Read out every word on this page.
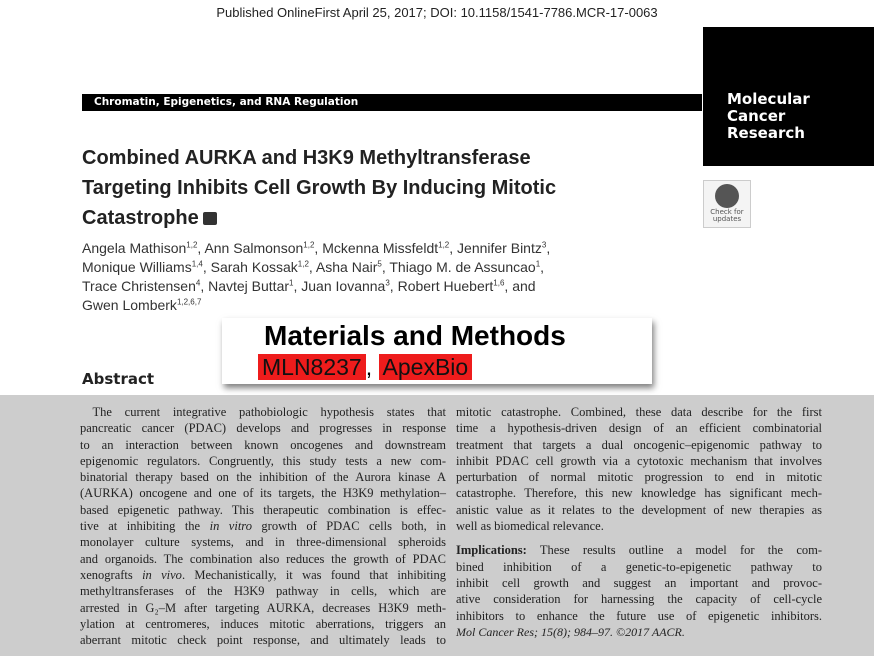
Published OnlineFirst April 25, 2017; DOI: 10.1158/1541-7786.MCR-17-0063
Molecular
Cancer
Research
Chromatin, Epigenetics, and RNA Regulation
Combined AURKA and H3K9 Methyltransferase
Targeting Inhibits Cell Growth By Inducing Mitotic
Catastrophe	Check for
updates
Angela Mathison$^{1,2}$, Ann Salmonson$^{1,2}$, Mckenna Missfeldt$^{1,2}$, Jennifer Bintz$^3$,
Monique Williams$^{1,4}$, Sarah Kossak$^{1,2}$, Asha Nair$^5$, Thiago M. de Assuncao$^1$,
Trace Christensen$^4$, Navtej Buttar$^1$, Juan Iovanna$^3$, Robert Huebert$^{1,6}$, and
Gwen Lomberk$^{1,2,6,7}$
Materials and Methods
MLN8237 , ApexBio
Abstract
 The current integrative pathobiologic hypothesis states that
pancreatic cancer (PDAC) develops and progresses in response
to an interaction between known oncogenes and downstream
epigenomic regulators. Congruently, this study tests a new com-
binatorial therapy based on the inhibition of the Aurora kinase A
(AURKA) oncogene and one of its targets, the H3K9 methylation–
based epigenetic pathway. This therapeutic combination is effec-
tive at inhibiting the in vitro growth of PDAC cells both, in
monolayer culture systems, and in three-dimensional spheroids
and organoids. The combination also reduces the growth of PDAC
xenografts in vivo. Mechanistically, it was found that inhibiting
methyltransferases of the H3K9 pathway in cells, which are
arrested in G₂–M after targeting AURKA, decreases H3K9 meth-
ylation at centromeres, induces mitotic aberrations, triggers an
aberrant mitotic check point response, and ultimately leads to
mitotic catastrophe. Combined, these data describe for the first
time a hypothesis-driven design of an efficient combinatorial
treatment that targets a dual oncogenic–epigenomic pathway to
inhibit PDAC cell growth via a cytotoxic mechanism that involves
perturbation of normal mitotic progression to end in mitotic
catastrophe. Therefore, this new knowledge has significant mech-
anistic value as it relates to the development of new therapies as
well as biomedical relevance.
Implications: These results outline a model for the com-
bined inhibition of a genetic-to-epigenetic pathway to
inhibit cell growth and suggest an important and provoc-
ative consideration for harnessing the capacity of cell-cycle
inhibitors to enhance the future use of epigenetic inhibitors.
Mol Cancer Res; 15(8); 984–97. ©2017 AACR.
